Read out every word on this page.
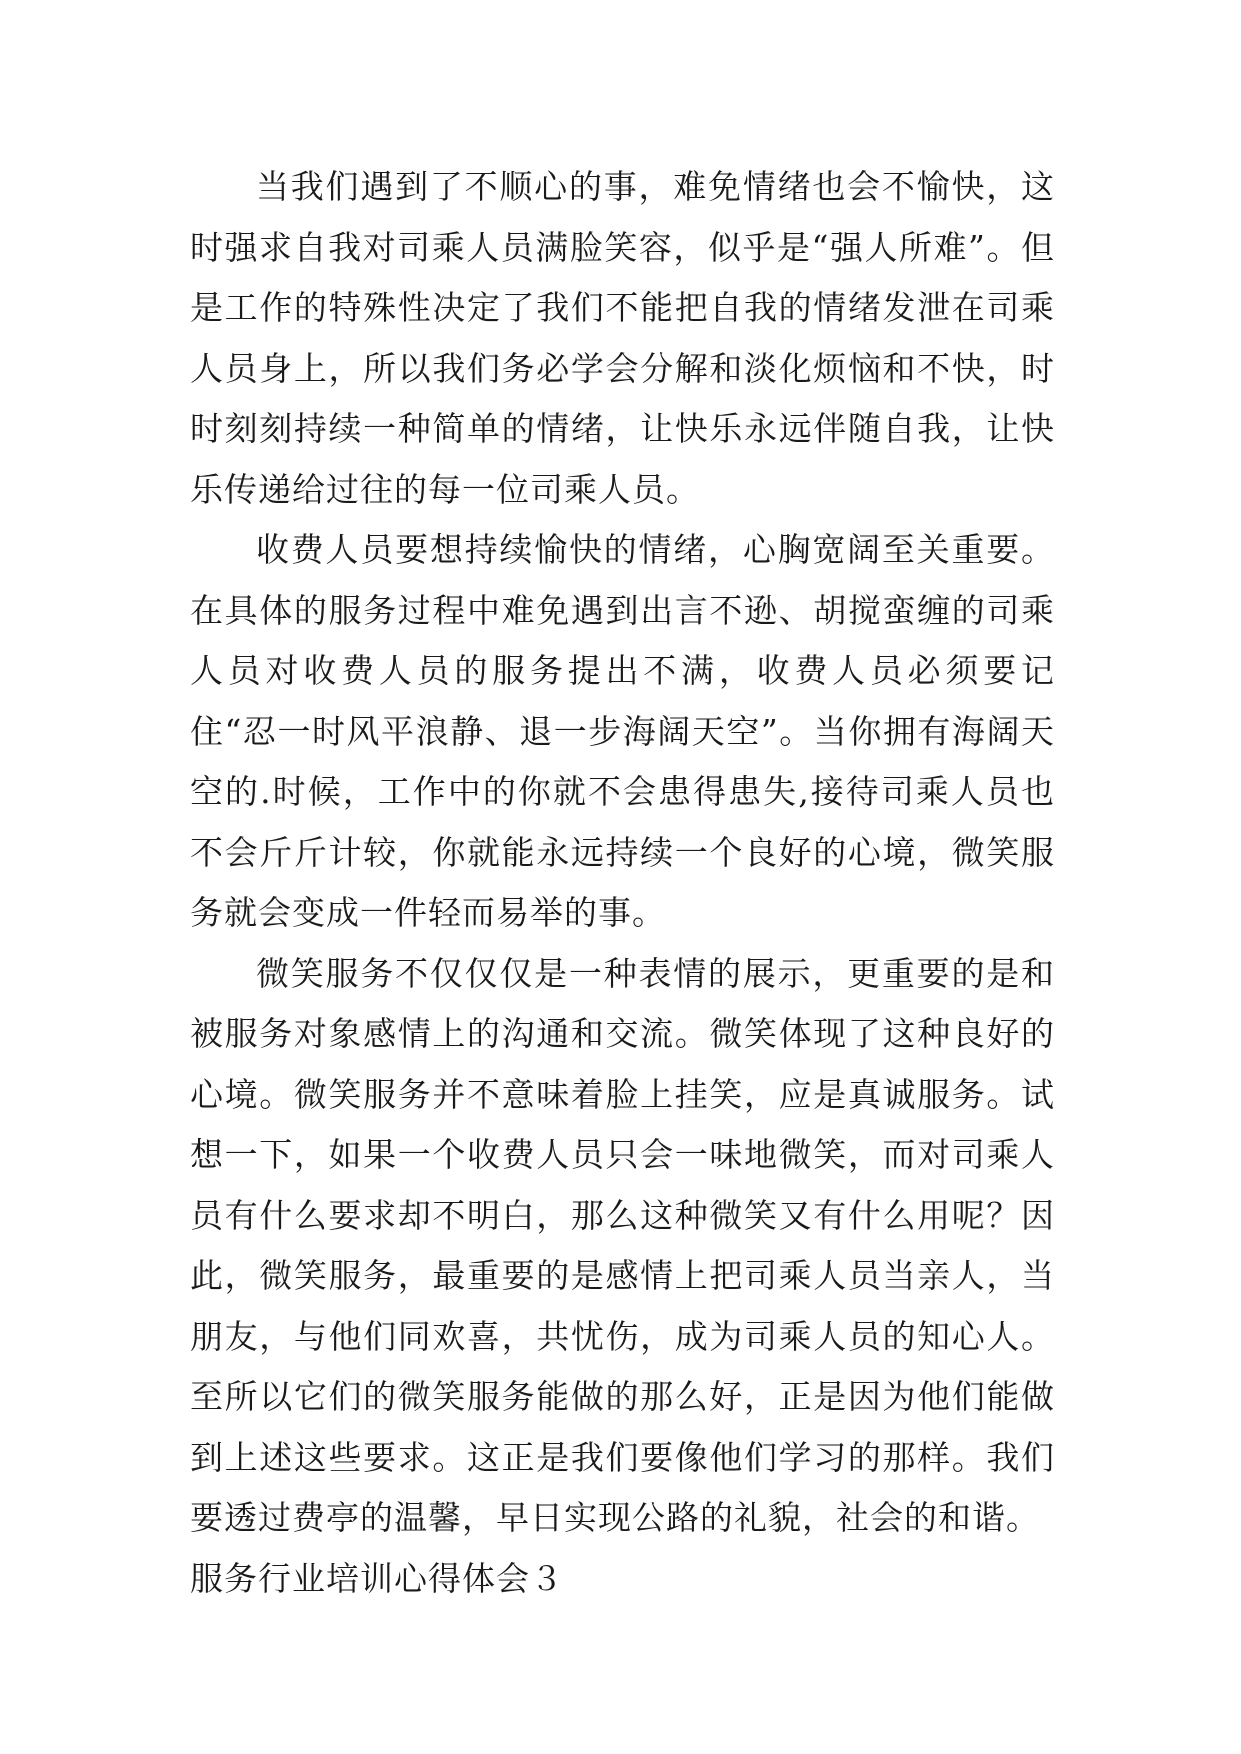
当我们遇到了不顺心的事，难免情绪也会不愉快，这时强求自我对司乘人员满脸笑容，似乎是“强人所难”。但是工作的特殊性决定了我们不能把自我的情绪发泄在司乘人员身上，所以我们务必学会分解和淡化烦恼和不快，时时刻刻持续一种简单的情绪，让快乐永远伴随自我，让快乐传递给过往的每一位司乘人员。

收费人员要想持续愉快的情绪，心胸宽阔至关重要。在具体的服务过程中难免遇到出言不逊、胡搅蛮缠的司乘人员对收费人员的服务提出不满，收费人员必须要记住“忍一时风平浪静、退一步海阔天空”。当你拥有海阔天空的.时候，工作中的你就不会患得患失,接待司乘人员也不会斤斤计较，你就能永远持续一个良好的心境，微笑服务就会变成一件轻而易举的事。

微笑服务不仅仅仅是一种表情的展示，更重要的是和被服务对象感情上的沟通和交流。微笑体现了这种良好的心境。微笑服务并不意味着脸上挂笑，应是真诚服务。试想一下，如果一个收费人员只会一味地微笑，而对司乘人员有什么要求却不明白，那么这种微笑又有什么用呢？因此，微笑服务，最重要的是感情上把司乘人员当亲人，当朋友，与他们同欢喜，共忧伤，成为司乘人员的知心人。至所以它们的微笑服务能做的那么好，正是因为他们能做到上述这些要求。这正是我们要像他们学习的那样。我们要透过费亭的温馨，早日实现公路的礼貌，社会的和谐。

服务行业培训心得体会３
